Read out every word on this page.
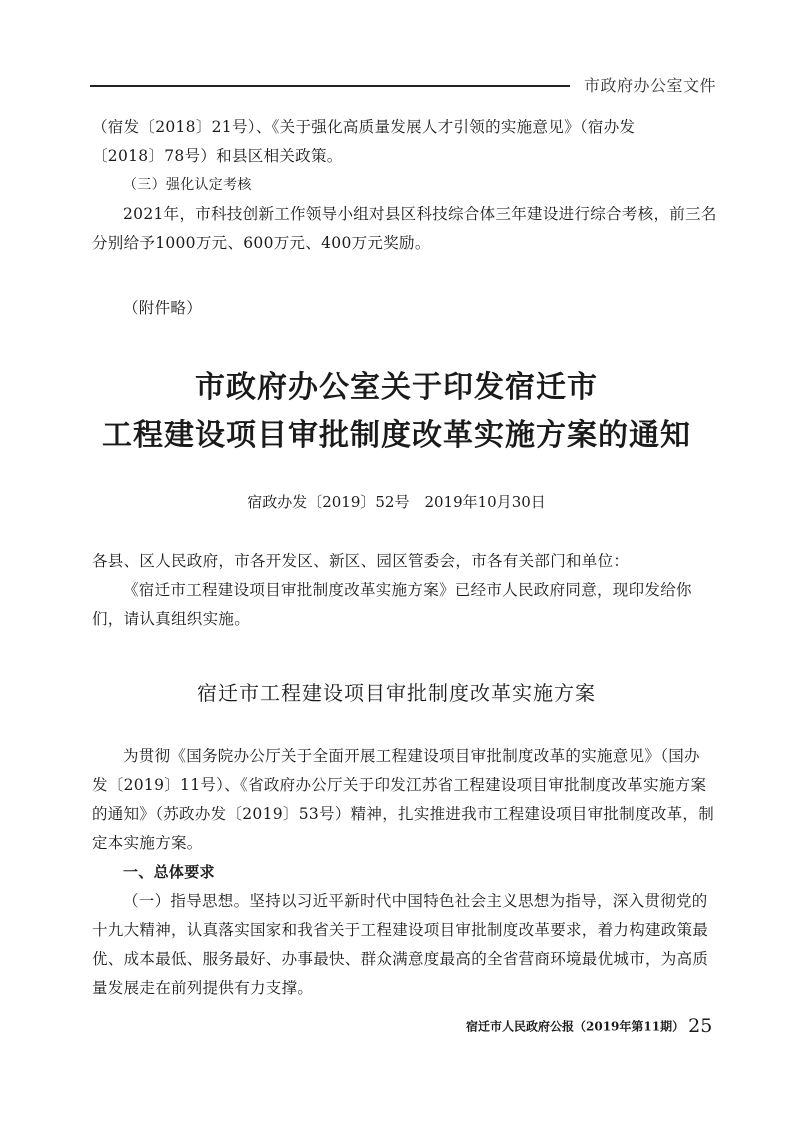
市政府办公室文件

（宿发〔2018〕21号）、《关于强化高质量发展人才引领的实施意见》（宿办发
〔2018〕78号）和县区相关政策。
（三）强化认定考核
2021年，市科技创新工作领导小组对县区科技综合体三年建设进行综合考核，前三名
分别给予1000万元、600万元、400万元奖励。

（附件略）

市政府办公室关于印发宿迁市
工程建设项目审批制度改革实施方案的通知
宿政办发〔2019〕52号　2019年10月30日

各县、区人民政府，市各开发区、新区、园区管委会，市各有关部门和单位：
《宿迁市工程建设项目审批制度改革实施方案》已经市人民政府同意，现印发给你
们，请认真组织实施。

宿迁市工程建设项目审批制度改革实施方案

为贯彻《国务院办公厅关于全面开展工程建设项目审批制度改革的实施意见》（国办
发〔2019〕11号）、《省政府办公厅关于印发江苏省工程建设项目审批制度改革实施方案
的通知》（苏政办发〔2019〕53号）精神，扎实推进我市工程建设项目审批制度改革，制
定本实施方案。
一、总体要求
（一）指导思想。坚持以习近平新时代中国特色社会主义思想为指导，深入贯彻党的
十九大精神，认真落实国家和我省关于工程建设项目审批制度改革要求，着力构建政策最
优、成本最低、服务最好、办事最快、群众满意度最高的全省营商环境最优城市，为高质
量发展走在前列提供有力支撑。

宿迁市人民政府公报（2019年第11期） 25
